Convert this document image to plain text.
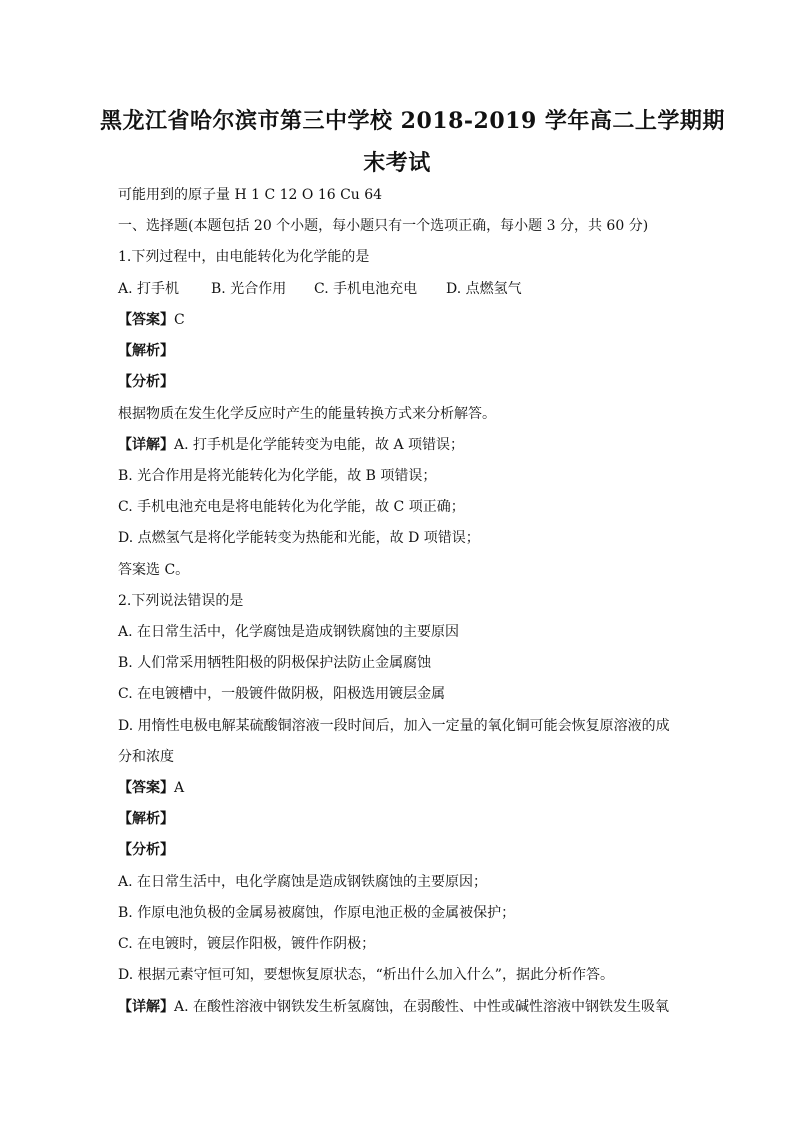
黑龙江省哈尔滨市第三中学校 2018-2019 学年高二上学期期
末考试
可能用到的原子量 H 1 C 12 O 16 Cu 64
一、选择题(本题包括 20 个小题，每小题只有一个选项正确，每小题 3 分，共 60 分)
1.下列过程中，由电能转化为化学能的是
A. 打手机 B. 光合作用 C. 手机电池充电 D. 点燃氢气
【答案】C
【解析】
【分析】
根据物质在发生化学反应时产生的能量转换方式来分析解答。
【详解】A. 打手机是化学能转变为电能，故 A 项错误；
B. 光合作用是将光能转化为化学能，故 B 项错误；
C. 手机电池充电是将电能转化为化学能，故 C 项正确；
D. 点燃氢气是将化学能转变为热能和光能，故 D 项错误；
答案选 C。
2.下列说法错误的是
A. 在日常生活中，化学腐蚀是造成钢铁腐蚀的主要原因
B. 人们常采用牺牲阳极的阴极保护法防止金属腐蚀
C. 在电镀槽中，一般镀件做阴极，阳极选用镀层金属
D. 用惰性电极电解某硫酸铜溶液一段时间后，加入一定量的氧化铜可能会恢复原溶液的成
分和浓度
【答案】A
【解析】
【分析】
A. 在日常生活中，电化学腐蚀是造成钢铁腐蚀的主要原因；
B. 作原电池负极的金属易被腐蚀，作原电池正极的金属被保护；
C. 在电镀时，镀层作阳极，镀件作阴极；
D. 根据元素守恒可知，要想恢复原状态，“析出什么加入什么”，据此分析作答。
【详解】A. 在酸性溶液中钢铁发生析氢腐蚀，在弱酸性、中性或碱性溶液中钢铁发生吸氧
